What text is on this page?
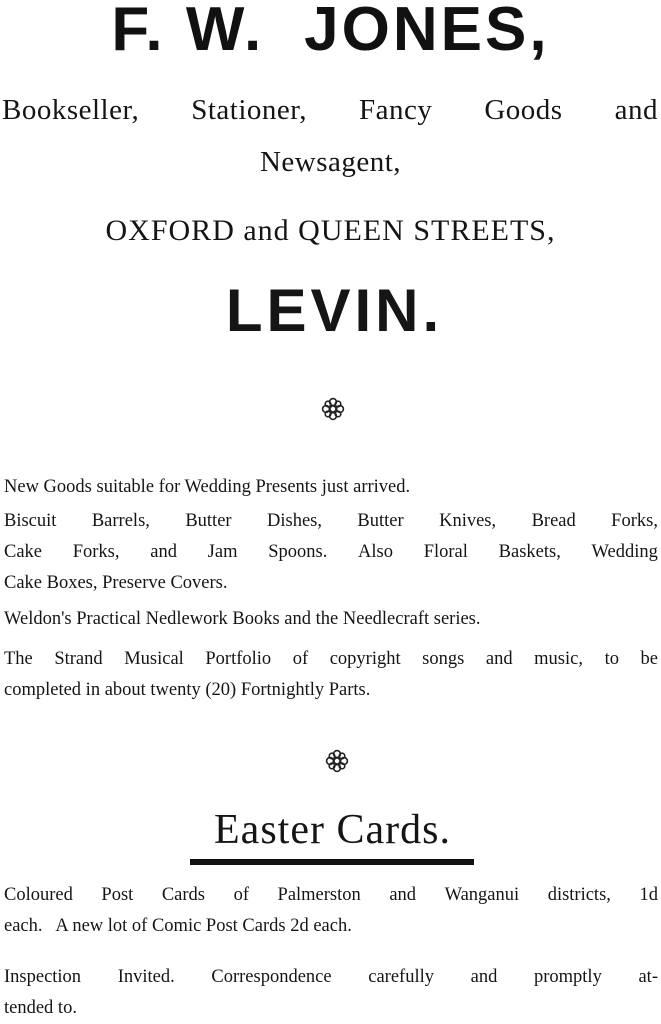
F. W. JONES,
Bookseller, Stationer, Fancy Goods and
Newsagent,
OXFORD and QUEEN STREETS,
LEVIN.
New Goods suitable for Wedding Presents just arrived.
Biscuit Barrels, Butter Dishes, Butter Knives, Bread Forks,
Cake Forks, and Jam Spoons. Also Floral Baskets, Wedding
Cake Boxes, Preserve Covers.
Weldon's Practical Nedlework Books and the Needlecraft series.
The Strand Musical Portfolio of copyright songs and music, to be
completed in about twenty (20) Fortnightly Parts.
Easter Cards.
Coloured Post Cards of Palmerston and Wanganui districts, 1d
each.   A new lot of Comic Post Cards 2d each.
Inspection Invited. Correspondence carefully and promptly at-
tended to.
